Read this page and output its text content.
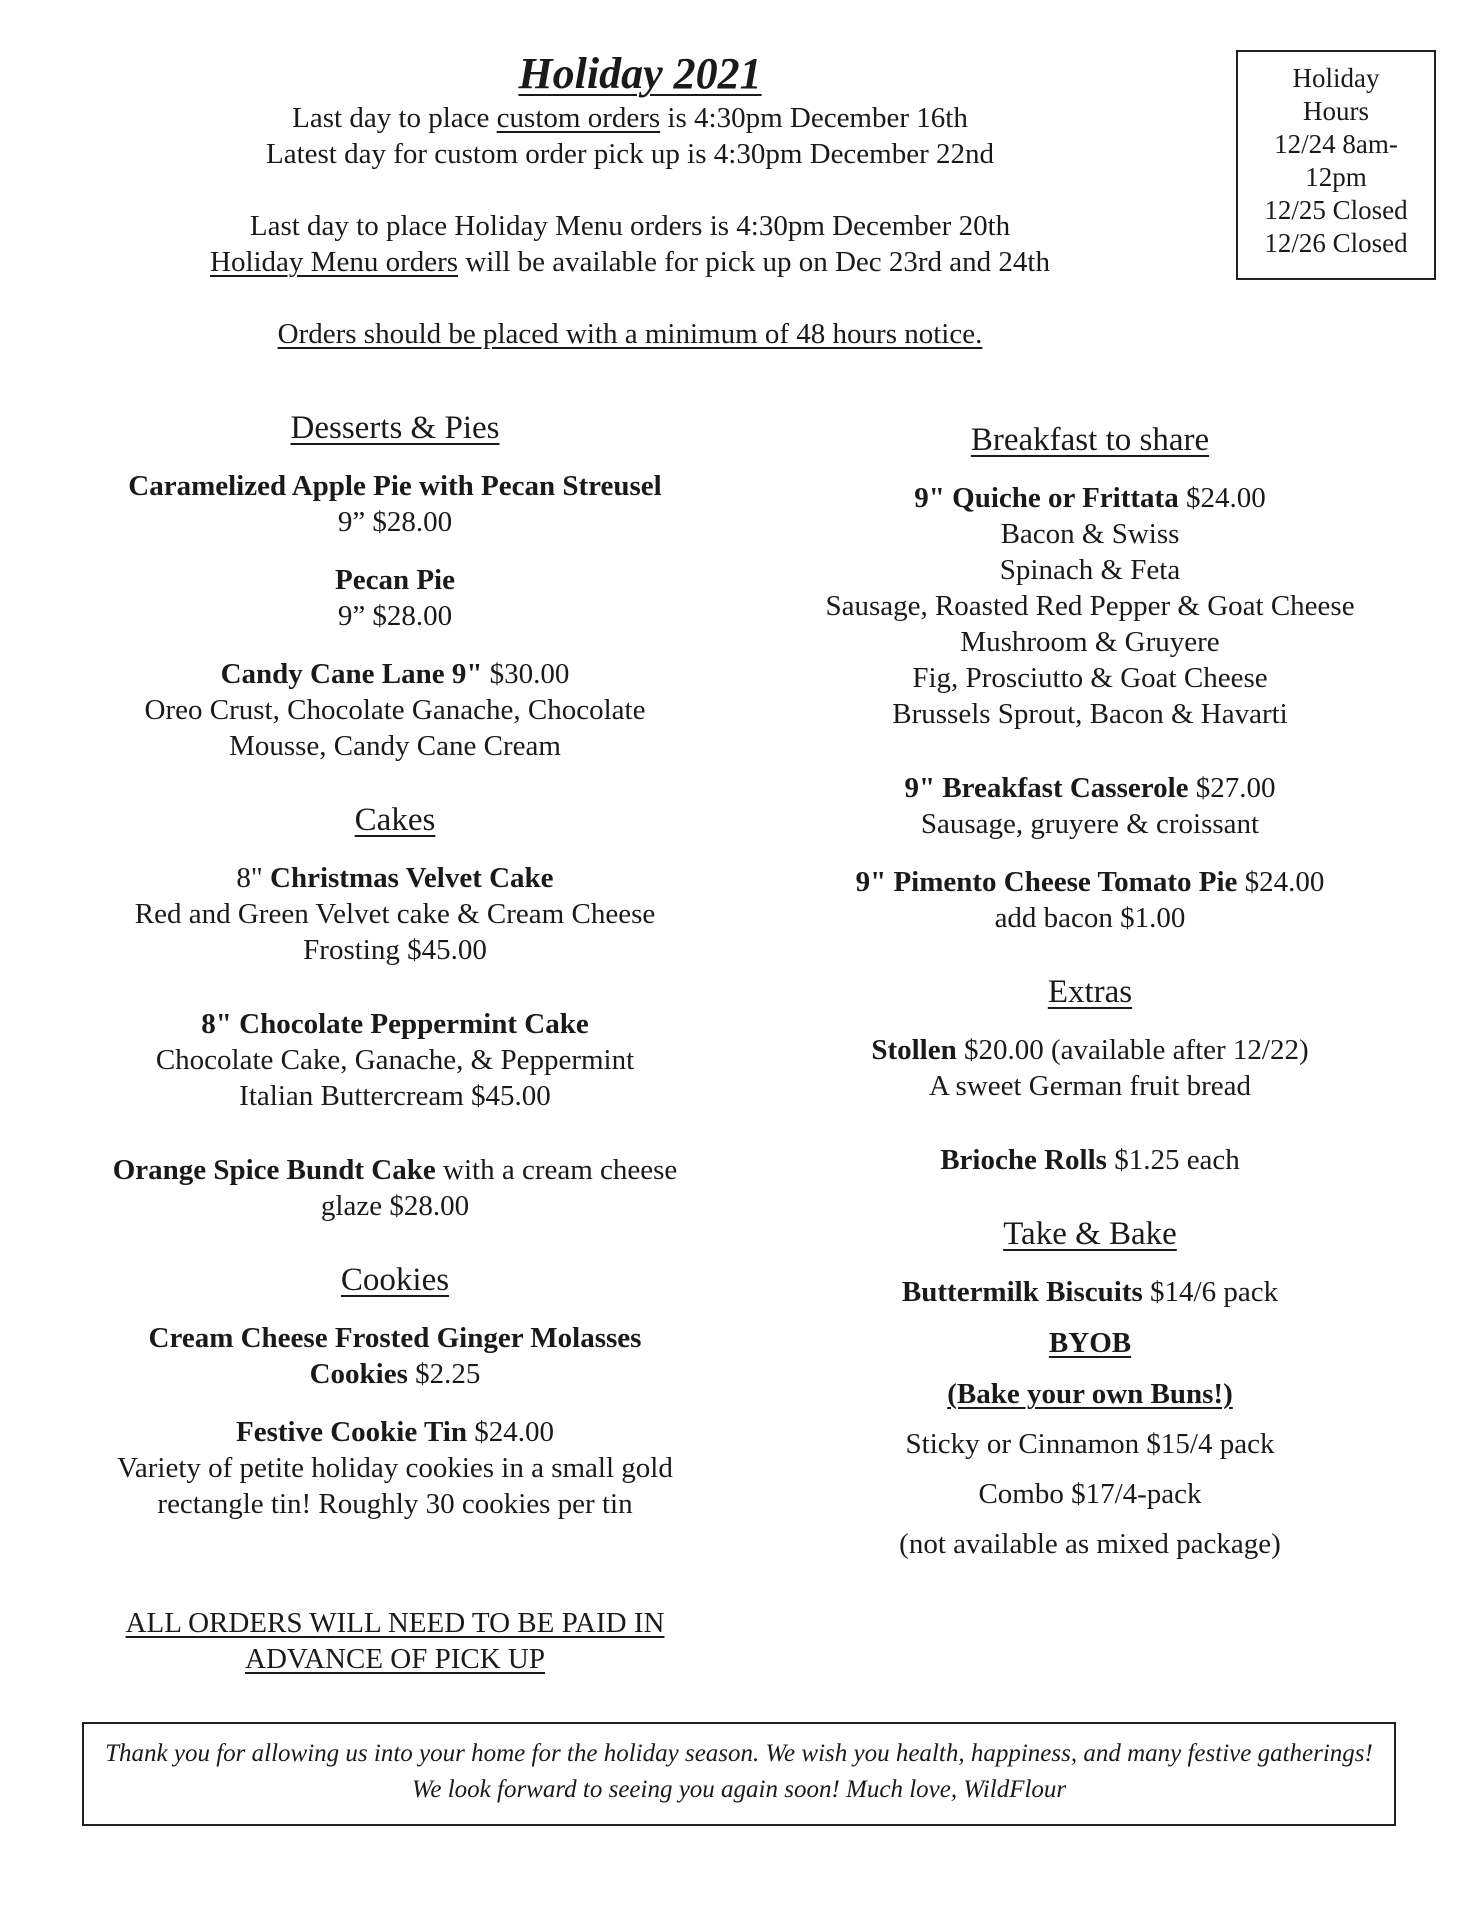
Holiday 2021

Last day to place custom orders is 4:30pm December 16th

Latest day for custom order pick up is 4:30pm December 22nd

Last day to place Holiday Menu orders is 4:30pm December 20th

Holiday Menu orders will be available for pick up on Dec 23rd and 24th

Orders should be placed with a minimum of 48 hours notice.

Holiday
Hours
12/24 8am-
12pm
12/25 Closed
12/26 Closed

Desserts & Pies

Caramelized Apple Pie with Pecan Streusel

9” $28.00

Pecan Pie

9” $28.00

Candy Cane Lane 9" $30.00

Oreo Crust, Chocolate Ganache, Chocolate

Mousse, Candy Cane Cream

Cakes

8" Christmas Velvet Cake

Red and Green Velvet cake & Cream Cheese

Frosting $45.00

8" Chocolate Peppermint Cake

Chocolate Cake, Ganache, & Peppermint

Italian Buttercream $45.00

Orange Spice Bundt Cake with a cream cheese

glaze $28.00

Cookies

Cream Cheese Frosted Ginger Molasses

Cookies $2.25

Festive Cookie Tin $24.00

Variety of petite holiday cookies in a small gold

rectangle tin! Roughly 30 cookies per tin

ALL ORDERS WILL NEED TO BE PAID IN
ADVANCE OF PICK UP

Breakfast to share

9" Quiche or Frittata $24.00

Bacon & Swiss

Spinach & Feta

Sausage, Roasted Red Pepper & Goat Cheese

Mushroom & Gruyere

Fig, Prosciutto & Goat Cheese

Brussels Sprout, Bacon & Havarti

9" Breakfast Casserole $27.00

Sausage, gruyere & croissant

9" Pimento Cheese Tomato Pie $24.00

add bacon $1.00

Extras

Stollen $20.00 (available after 12/22)

A sweet German fruit bread

Brioche Rolls $1.25 each

Take & Bake

Buttermilk Biscuits $14/6 pack

BYOB

(Bake your own Buns!)

Sticky or Cinnamon $15/4 pack

Combo $17/4-pack

(not available as mixed package)

Thank you for allowing us into your home for the holiday season. We wish you health, happiness, and many festive gatherings!

We look forward to seeing you again soon! Much love, WildFlour
